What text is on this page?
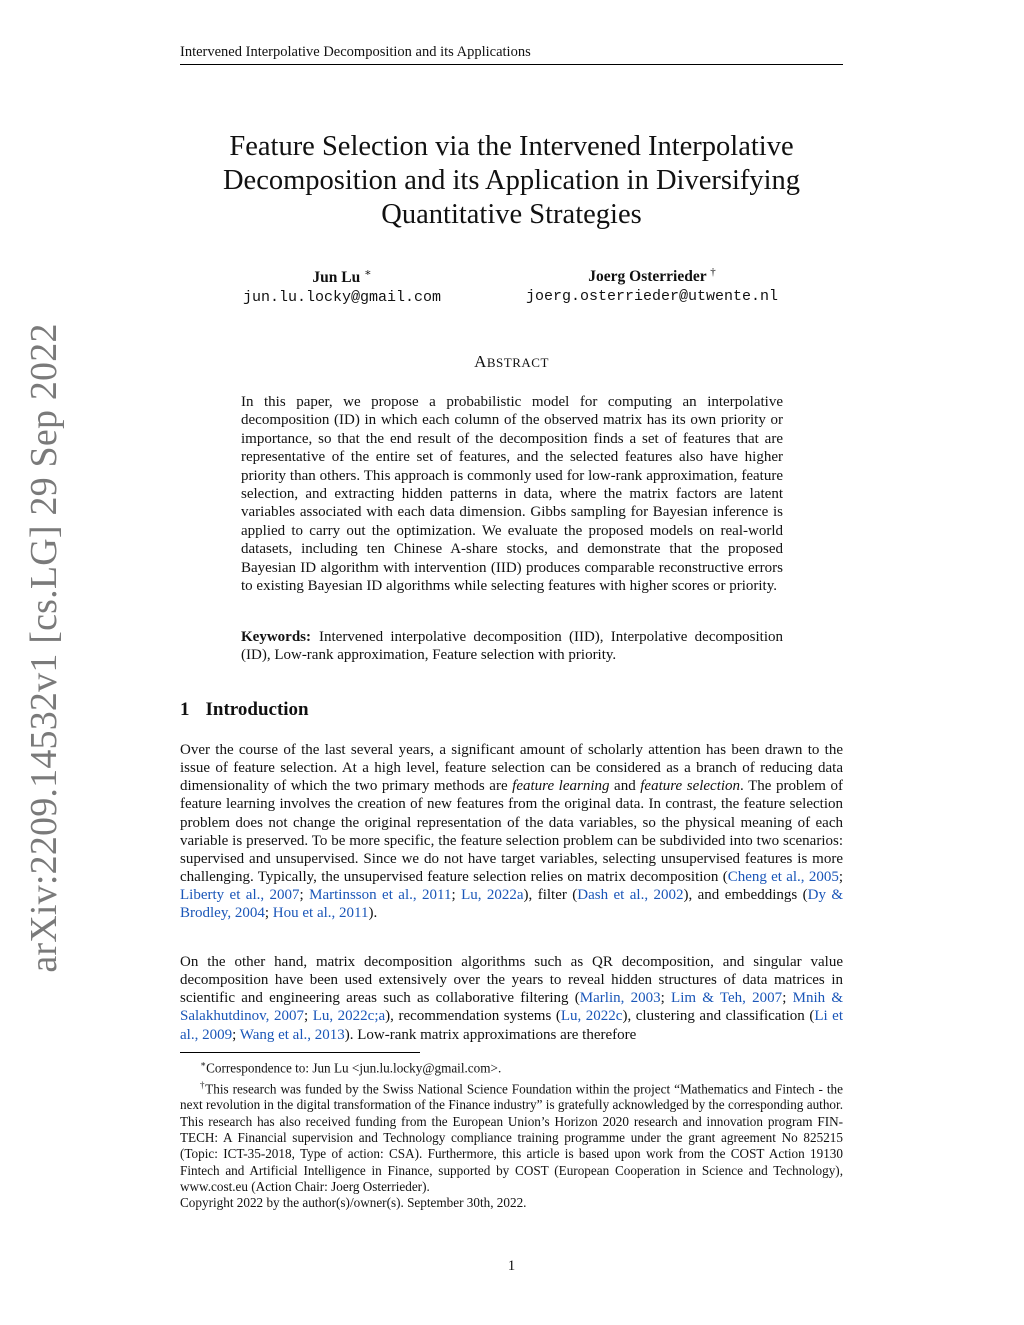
arXiv:2209.14532v1 [cs.LG] 29 Sep 2022
Intervened Interpolative Decomposition and its Applications
Feature Selection via the Intervened Interpolative
Decomposition and its Application in Diversifying
Quantitative Strategies
Jun Lu ∗
jun.lu.locky@gmail.com
Joerg Osterrieder †
joerg.osterrieder@utwente.nl
ABSTRACT
In this paper, we propose a probabilistic model for computing an interpolative decomposition (ID) in which each column of the observed matrix has its own priority or importance, so that the end result of the decomposition finds a set of features that are representative of the entire set of features, and the selected features also have higher priority than others. This approach is commonly used for low-rank approximation, feature selection, and extracting hidden patterns in data, where the matrix factors are latent variables associated with each data dimension. Gibbs sampling for Bayesian inference is applied to carry out the optimization. We evaluate the proposed models on real-world datasets, including ten Chinese A-share stocks, and demonstrate that the proposed Bayesian ID algorithm with intervention (IID) produces comparable reconstructive errors to existing Bayesian ID algorithms while selecting features with higher scores or priority.
Keywords: Intervened interpolative decomposition (IID), Interpolative decomposition (ID), Low-rank approximation, Feature selection with priority.
1 Introduction

Over the course of the last several years, a significant amount of scholarly attention has been drawn to the issue of feature selection. At a high level, feature selection can be considered as a branch of reducing data dimensionality of which the two primary methods are feature learning and feature selection. The problem of feature learning involves the creation of new features from the original data. In contrast, the feature selection problem does not change the original representation of the data variables, so the physical meaning of each variable is preserved. To be more specific, the feature selection problem can be subdivided into two scenarios: supervised and unsupervised. Since we do not have target variables, selecting unsupervised features is more challenging. Typically, the unsupervised feature selection relies on matrix decomposition (Cheng et al., 2005; Liberty et al., 2007; Martinsson et al., 2011; Lu, 2022a), filter (Dash et al., 2002), and embeddings (Dy & Brodley, 2004; Hou et al., 2011).

On the other hand, matrix decomposition algorithms such as QR decomposition, and singular value decomposition have been used extensively over the years to reveal hidden structures of data matrices in scientific and engineering areas such as collaborative filtering (Marlin, 2003; Lim & Teh, 2007; Mnih & Salakhutdinov, 2007; Lu, 2022c;a), recommendation systems (Lu, 2022c), clustering and classification (Li et al., 2009; Wang et al., 2013). Low-rank matrix approximations are therefore

∗Correspondence to: Jun Lu <jun.lu.locky@gmail.com>.

†This research was funded by the Swiss National Science Foundation within the project “Mathematics and Fintech - the next revolution in the digital transformation of the Finance industry” is gratefully acknowledged by the corresponding author. This research has also received funding from the European Union’s Horizon 2020 research and innovation program FIN-TECH: A Financial supervision and Technology compliance training programme under the grant agreement No 825215 (Topic: ICT-35-2018, Type of action: CSA). Furthermore, this article is based upon work from the COST Action 19130 Fintech and Artificial Intelligence in Finance, supported by COST (European Cooperation in Science and Technology), www.cost.eu (Action Chair: Joerg Osterrieder).

Copyright 2022 by the author(s)/owner(s). September 30th, 2022.

1
